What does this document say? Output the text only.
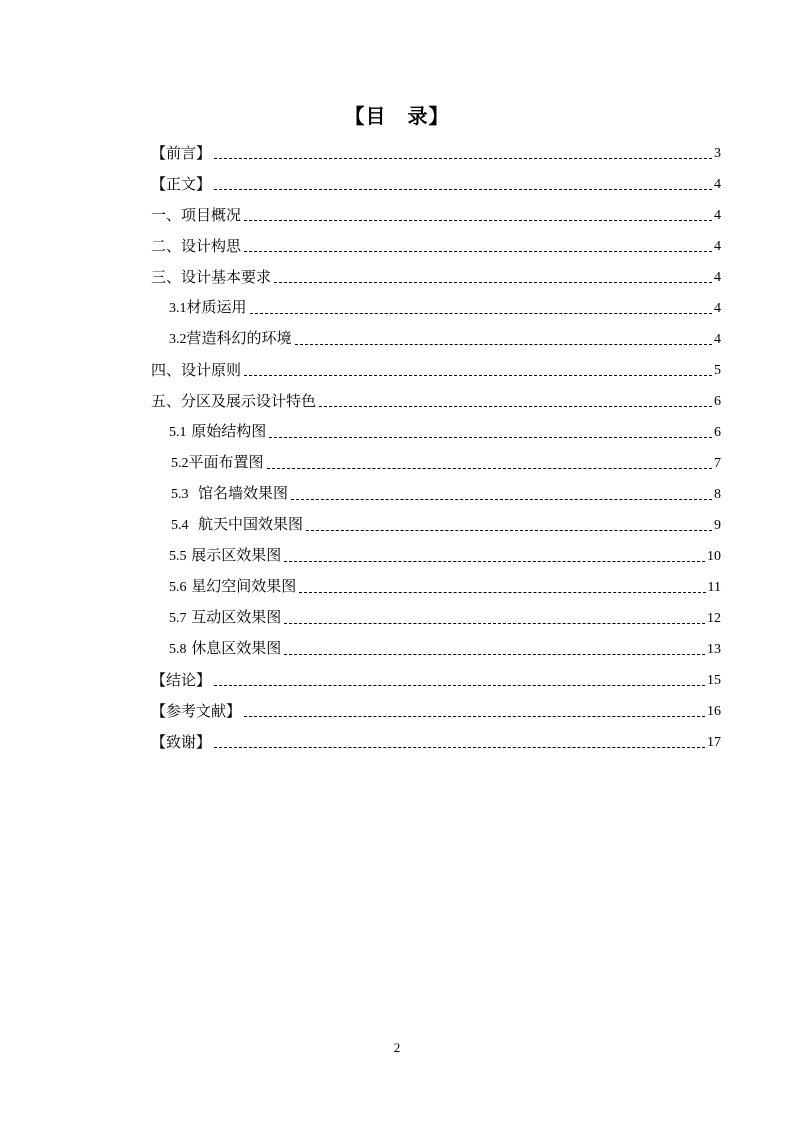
【目　录】
【前言】	3
【正文】	4
一、项目概况	4
二、设计构思	4
三、设计基本要求	4
3.1材质运用	4
3.2营造科幻的环境	4
四、设计原则	5
五、分区及展示设计特色	6
5.1 原始结构图	6
5.2平面布置图	7
5.3  馆名墙效果图	8
5.4  航天中国效果图	9
5.5 展示区效果图	10
5.6 星幻空间效果图	11
5.7 互动区效果图	12
5.8 休息区效果图	13
【结论】	15
【参考文献】	16
【致谢】	17
2
